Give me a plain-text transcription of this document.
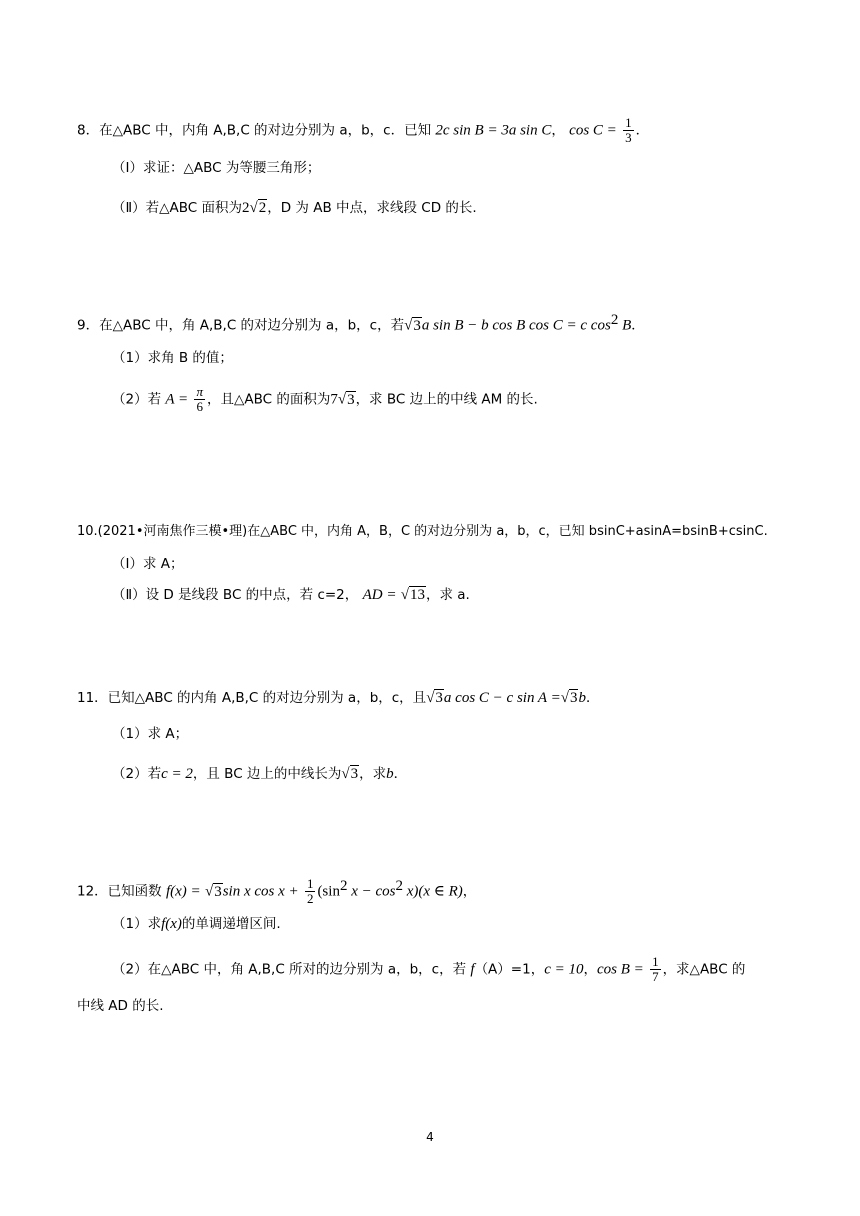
8．在△ABC 中，内角 A,B,C 的对边分别为 a，b，c．已知 2c sin B = 3a sin C， $\cos C = \frac{1}{3}$ ．
（Ⅰ）求证：△ABC 为等腰三角形；
（Ⅱ）若△ABC 面积为2√2，D 为 AB 中点，求线段 CD 的长.
9．在△ABC 中，角 A,B,C 的对边分别为 a，b，c，若√3a sin B − b cos B cos C = c $\cos^2 B$．
（1）求角 B 的值；
（2）若 $A = \frac{\pi}{6}$ ，且△ABC 的面积为7√3，求 BC 边上的中线 AM 的长.
10.(2021•河南焦作三模•理)在△ABC 中，内角 A，B，C 的对边分别为 a，b，c，已知 bsinC+asinA=bsinB+csinC.
（Ⅰ）求 A；
（Ⅱ）设 D 是线段 BC 的中点，若 c=2， AD = √13，求 a.
11．已知△ABC 的内角 A,B,C 的对边分别为 a，b，c，且√3a cos C − c sin A =√3b．
（1）求 A；
（2）若c = 2，且 BC 边上的中线长为√3，求b．
12．已知函数 f(x) = √3sin x $\cos x + \frac{1}{2} (\sin^2$ $x - \cos^2 x)(x$ ∈ R)，
（1）求f(x)的单调递增区间.
（2）在△ABC 中，角 A,B,C 所对的边分别为 a，b，c，若 f（A）=1，c = 10，$\cos B = \frac{1}{7}$ ，求△ABC 的
中线 AD 的长.
4
